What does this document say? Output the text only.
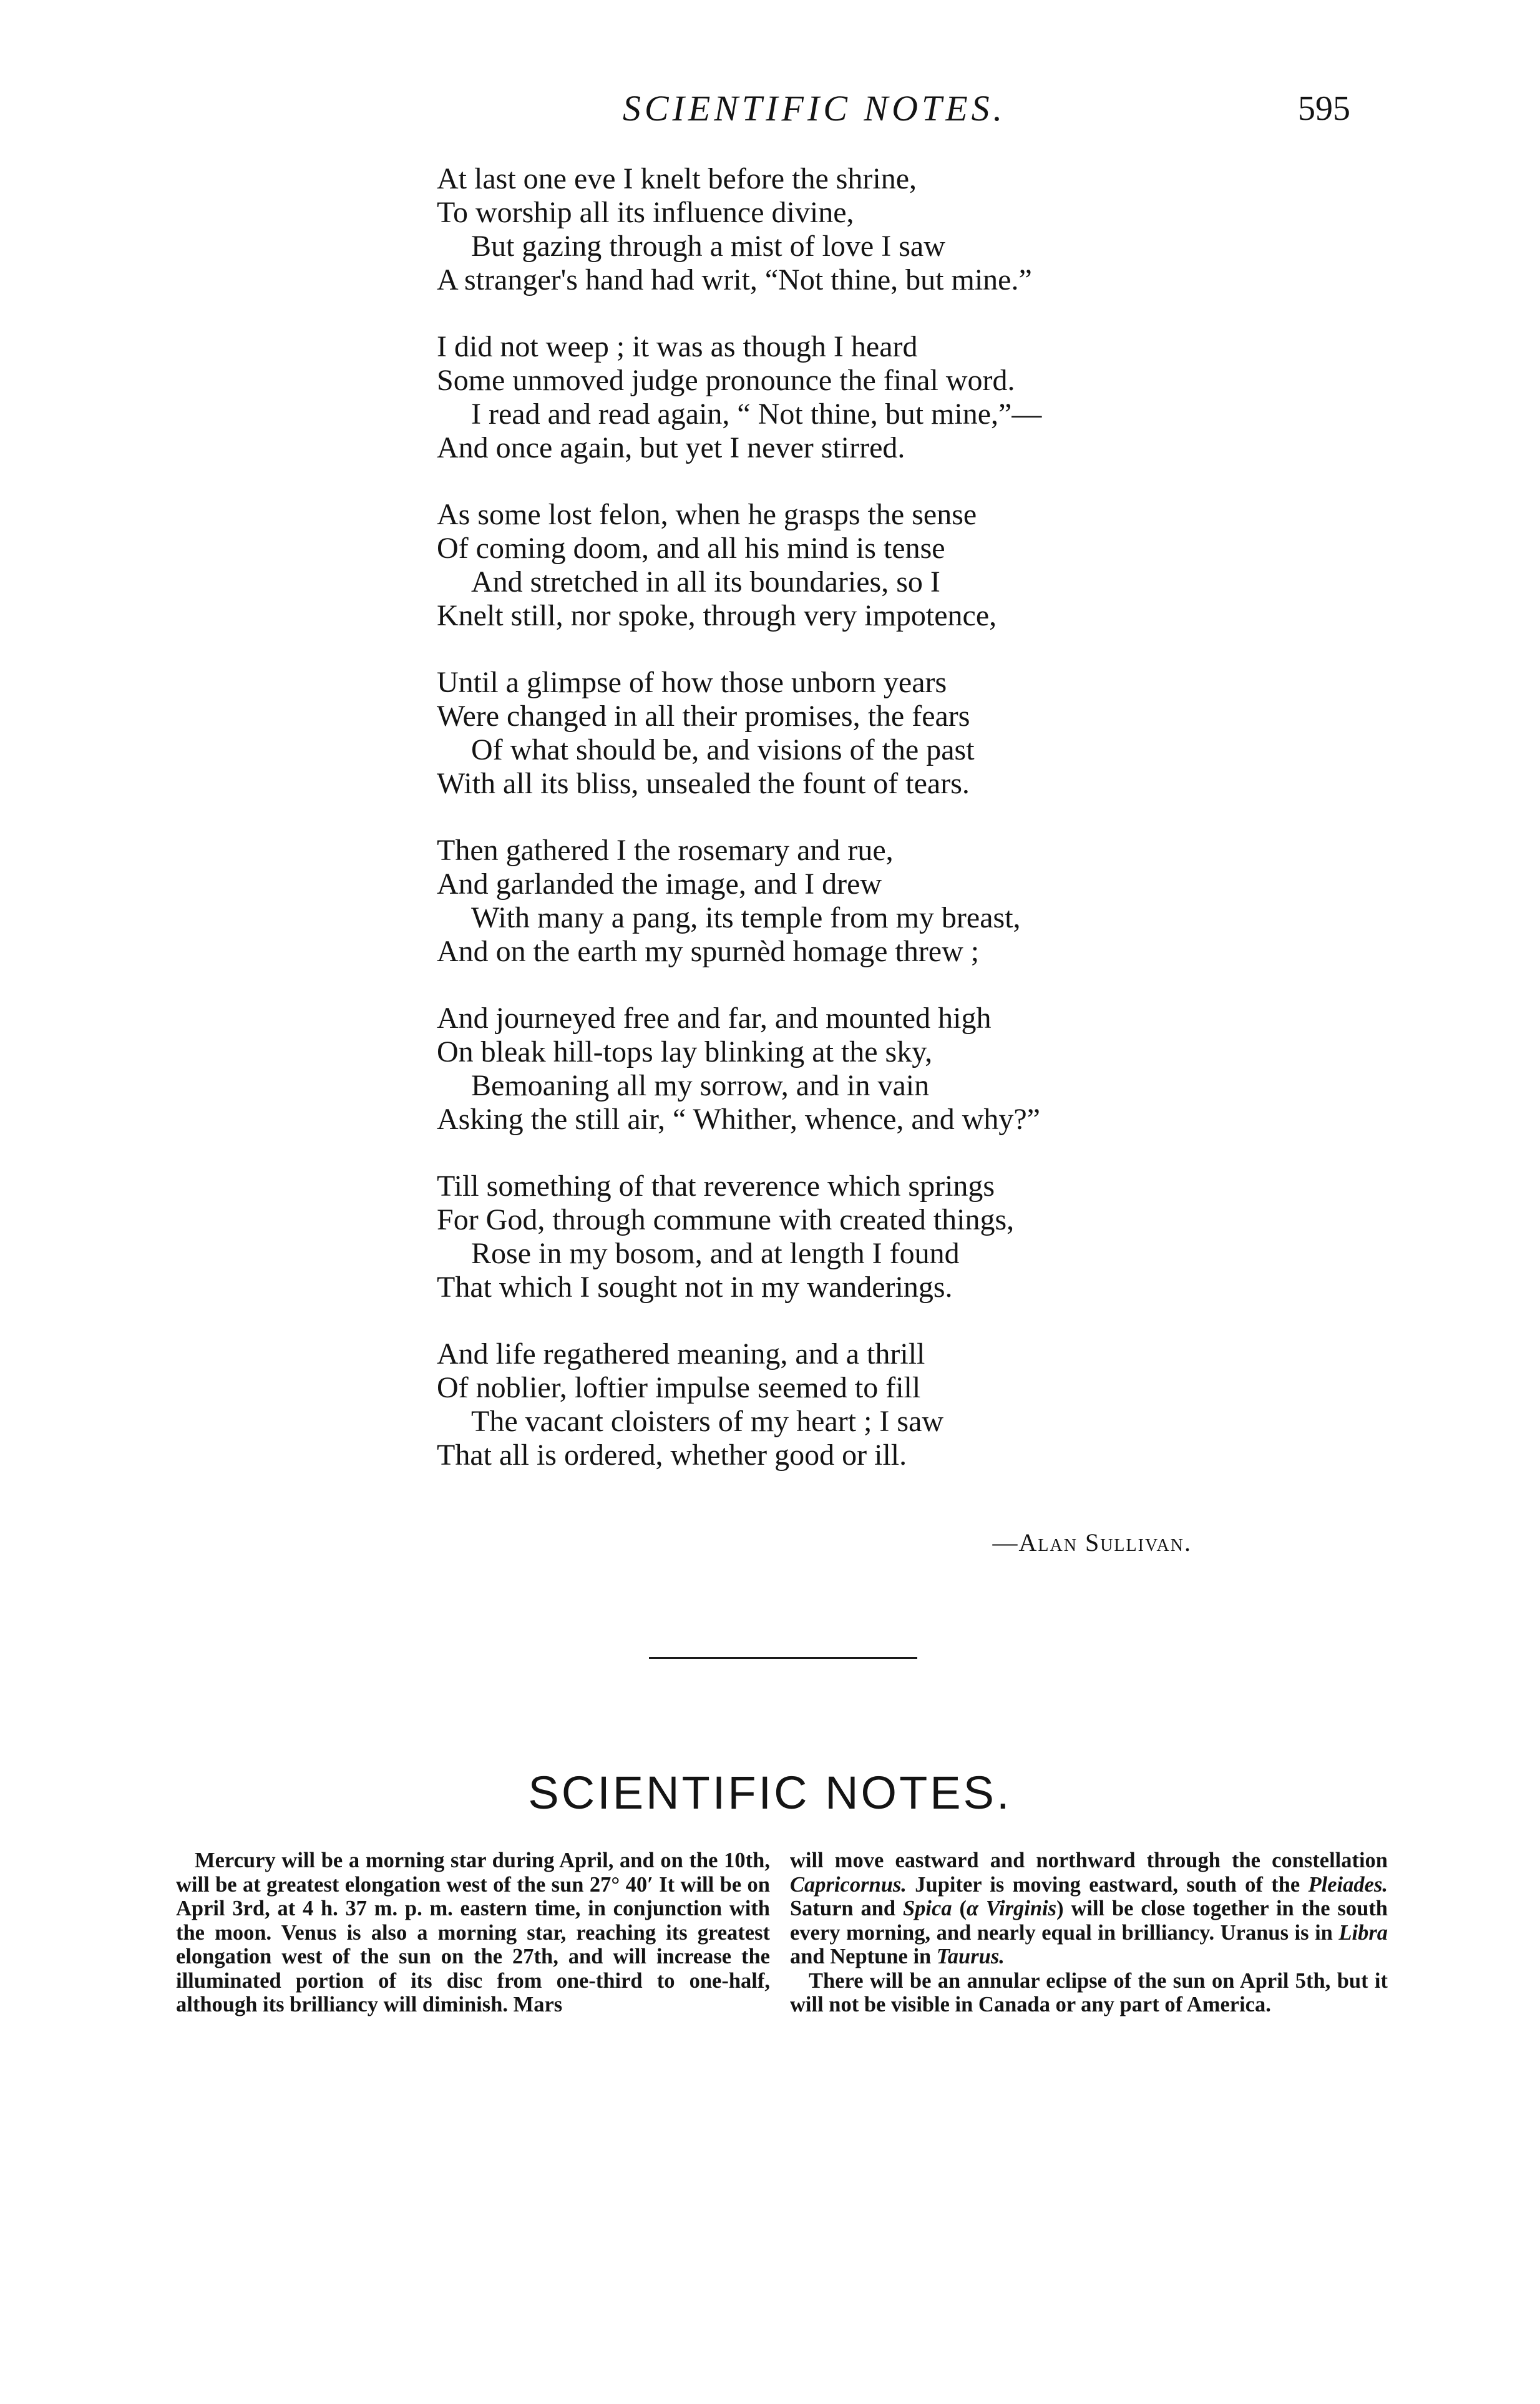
SCIENTIFIC NOTES.	595
At last one eve I knelt before the shrine,
To worship all its influence divine,
But gazing through a mist of love I saw
A stranger's hand had writ, “Not thine, but mine.”
I did not weep ; it was as though I heard
Some unmoved judge pronounce the final word.
I read and read again, “ Not thine, but mine,”—
And once again, but yet I never stirred.
As some lost felon, when he grasps the sense
Of coming doom, and all his mind is tense
And stretched in all its boundaries, so I
Knelt still, nor spoke, through very impotence,
Until a glimpse of how those unborn years
Were changed in all their promises, the fears
Of what should be, and visions of the past
With all its bliss, unsealed the fount of tears.
Then gathered I the rosemary and rue,
And garlanded the image, and I drew
With many a pang, its temple from my breast,
And on the earth my spurnèd homage threw ;
And journeyed free and far, and mounted high
On bleak hill-tops lay blinking at the sky,
Bemoaning all my sorrow, and in vain
Asking the still air, “ Whither, whence, and why?”
Till something of that reverence which springs
For God, through commune with created things,
Rose in my bosom, and at length I found
That which I sought not in my wanderings.
And life regathered meaning, and a thrill
Of noblier, loftier impulse seemed to fill
The vacant cloisters of my heart ; I saw
That all is ordered, whether good or ill.
—Alan Sullivan.
SCIENTIFIC NOTES.

Mercury will be a morning star during April, and on the 10th, will be at greatest elongation west of the sun 27° 40′ It will be on April 3rd, at 4 h. 37 m. p. m. eastern time, in conjunction with the moon. Venus is also a morning star, reaching its greatest elongation west of the sun on the 27th, and will increase the illuminated portion of its disc from one-third to one-half, although its brilliancy will diminish. Mars

will move eastward and northward through the constellation Capricornus. Jupiter is moving eastward, south of the Pleiades. Saturn and Spica (α Virginis) will be close together in the south every morning, and nearly equal in brilliancy. Uranus is in Libra and Neptune in Taurus.

There will be an annular eclipse of the sun on April 5th, but it will not be visible in Canada or any part of America.
